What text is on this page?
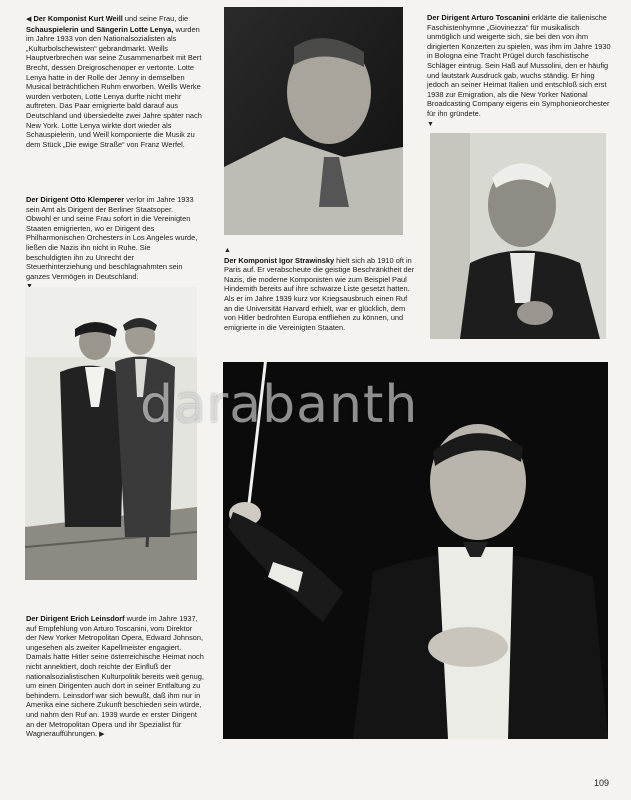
◀ Der Komponist Kurt Weill und seine Frau, die Schauspielerin und Sängerin Lotte Lenya, wurden im Jahre 1933 von den Nationalsozialisten als „Kulturbolschewisten“ gebrandmarkt. Weills Hauptverbrechen war seine Zusammenarbeit mit Bert Brecht, dessen Dreigroschenoper er vertonte. Lotte Lenya hatte in der Rolle der Jenny in demselben Musical beträchtlichen Ruhm erworben. Weills Werke wurden verboten, Lotte Lenya durfte nicht mehr auftreten. Das Paar emigrierte bald darauf aus Deutschland und übersiedelte zwei Jahre später nach New York. Lotte Lenya wirkte dort wieder als Schauspielerin, und Weill komponierte die Musik zu dem Stück „Die ewige Straße“ von Franz Werfel.

Der Dirigent Otto Klemperer verlor im Jahre 1933 sein Amt als Dirigent der Berliner Staatsoper. Obwohl er und seine Frau sofort in die Vereinigten Staaten emigrierten, wo er Dirigent des Philharmonischen Orchesters in Los Angeles wurde, ließen die Nazis ihn nicht in Ruhe. Sie beschuldigten ihn zu Unrecht der Steuerhinterziehung und beschlagnahmten sein ganzes Vermögen in Deutschland.

▲
Der Komponist Igor Strawinsky hielt sich ab 1910 oft in Paris auf. Er verabscheute die geistige Beschränktheit der Nazis, die moderne Komponisten wie zum Beispiel Paul Hindemith bereits auf ihre schwarze Liste gesetzt hatten. Als er im Jahre 1939 kurz vor Kriegsausbruch einen Ruf an die Universität Harvard erhielt, war er glücklich, dem von Hitler bedrohten Europa entfliehen zu können, und emigrierte in die Vereinigten Staaten.

Der Dirigent Arturo Toscanini erklärte die italienische Faschistenhymne „Giovinezza“ für musikalisch unmöglich und weigerte sich, sie bei den von ihm dirigierten Konzerten zu spielen, was ihm im Jahre 1930 in Bologna eine Tracht Prügel durch faschistische Schläger eintrug. Sein Haß auf Mussolini, den er häufig und lautstark Ausdruck gab, wuchs ständig. Er hing jedoch an seiner Heimat Italien und entschloß sich erst 1938 zur Emigration, als die New Yorker National Broadcasting Company eigens ein Symphonieorchester für ihn gründete.
▼

Der Dirigent Erich Leinsdorf wurde im Jahre 1937, auf Empfehlung von Arturo Toscanini, vom Direktor der New Yorker Metropolitan Opera, Edward Johnson, ungesehen als zweiter Kapellmeister engagiert. Damals hatte Hitler seine österreichische Heimat noch nicht annektiert, doch reichte der Einfluß der nationalsozialistischen Kulturpolitik bereits weit genug, um einen Dirigenten auch dort in seiner Entfaltung zu behindern. Leinsdorf war sich bewußt, daß ihm nur in Amerika eine sichere Zukunft beschieden sein würde, und nahm den Ruf an. 1939 wurde er erster Dirigent an der Metropolitan Opera und ihr Spezialist für Wagneraufführungen. ▶

darabanth
109
